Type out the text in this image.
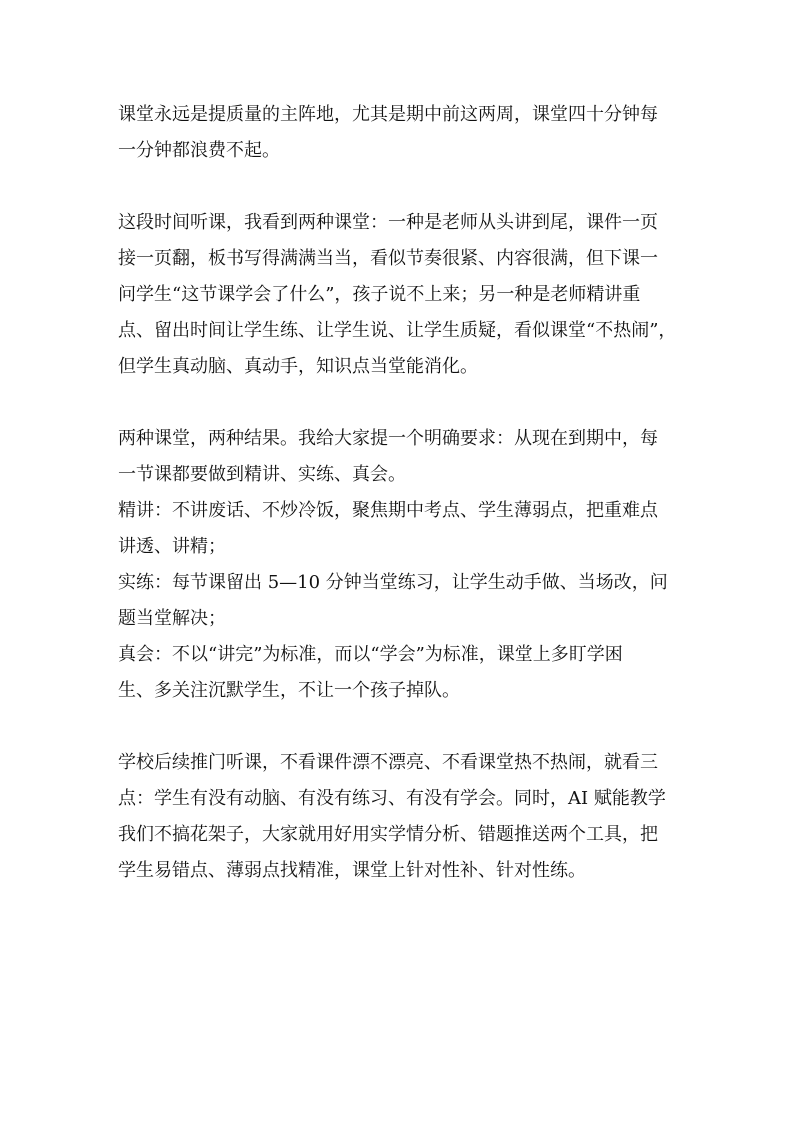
课堂永远是提质量的主阵地，尤其是期中前这两周，课堂四十分钟每
一分钟都浪费不起。
这段时间听课，我看到两种课堂：一种是老师从头讲到尾，课件一页
接一页翻，板书写得满满当当，看似节奏很紧、内容很满，但下课一
问学生“这节课学会了什么”，孩子说不上来；另一种是老师精讲重
点、留出时间让学生练、让学生说、让学生质疑，看似课堂“不热闹”，
但学生真动脑、真动手，知识点当堂能消化。
两种课堂，两种结果。我给大家提一个明确要求：从现在到期中，每
一节课都要做到精讲、实练、真会。
精讲：不讲废话、不炒冷饭，聚焦期中考点、学生薄弱点，把重难点
讲透、讲精；
实练：每节课留出 5—10 分钟当堂练习，让学生动手做、当场改，问
题当堂解决；
真会：不以“讲完”为标准，而以“学会”为标准，课堂上多盯学困
生、多关注沉默学生，不让一个孩子掉队。
学校后续推门听课，不看课件漂不漂亮、不看课堂热不热闹，就看三
点：学生有没有动脑、有没有练习、有没有学会。同时，AI 赋能教学
我们不搞花架子，大家就用好用实学情分析、错题推送两个工具，把
学生易错点、薄弱点找精准，课堂上针对性补、针对性练。
